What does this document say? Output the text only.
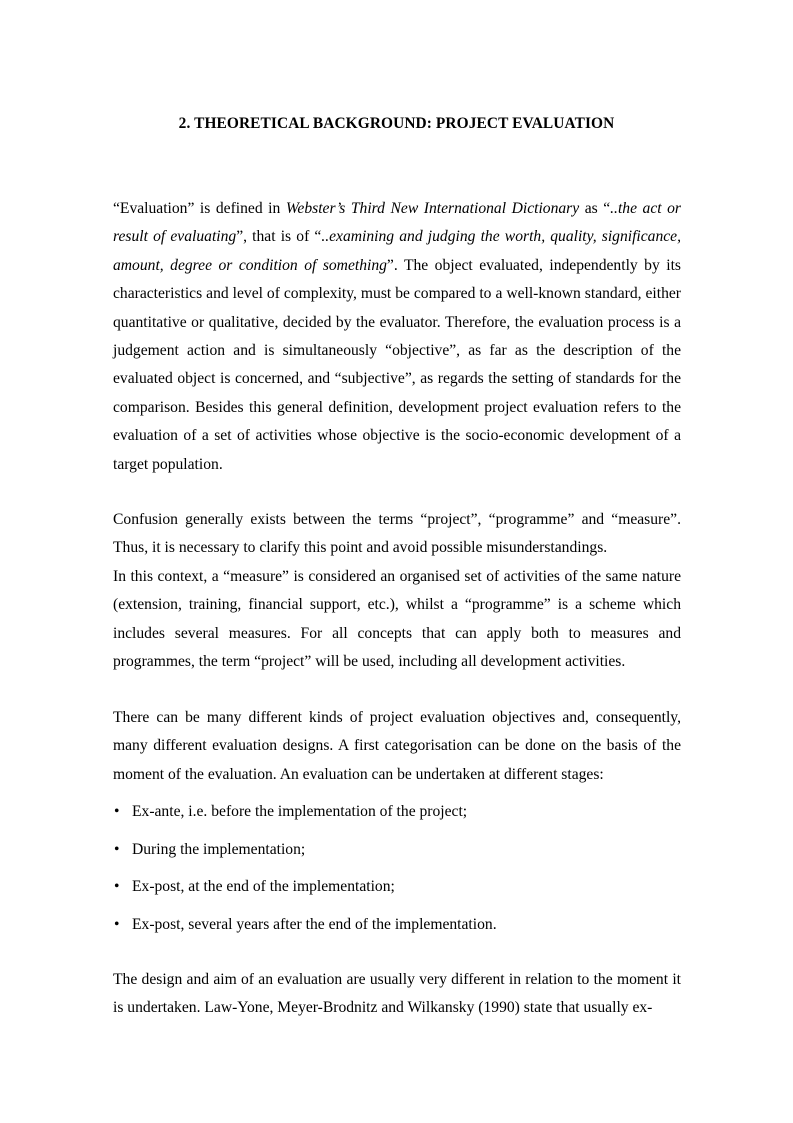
2. THEORETICAL BACKGROUND: PROJECT EVALUATION

“Evaluation” is defined in Webster’s Third New International Dictionary as “..the act or result of evaluating”, that is of “..examining and judging the worth, quality, significance, amount, degree or condition of something”. The object evaluated, independently by its characteristics and level of complexity, must be compared to a well-known standard, either quantitative or qualitative, decided by the evaluator. Therefore, the evaluation process is a judgement action and is simultaneously “objective”, as far as the description of the evaluated object is concerned, and “subjective”, as regards the setting of standards for the comparison. Besides this general definition, development project evaluation refers to the evaluation of a set of activities whose objective is the socio-economic development of a target population.

Confusion generally exists between the terms “project”, “programme” and “measure”. Thus, it is necessary to clarify this point and avoid possible misunderstandings.

In this context, a “measure” is considered an organised set of activities of the same nature (extension, training, financial support, etc.), whilst a “programme” is a scheme which includes several measures. For all concepts that can apply both to measures and programmes, the term “project” will be used, including all development activities.

There can be many different kinds of project evaluation objectives and, consequently, many different evaluation designs. A first categorisation can be done on the basis of the moment of the evaluation. An evaluation can be undertaken at different stages:

• Ex-ante, i.e. before the implementation of the project;
• During the implementation;
• Ex-post, at the end of the implementation;
• Ex-post, several years after the end of the implementation.

The design and aim of an evaluation are usually very different in relation to the moment it is undertaken. Law-Yone, Meyer-Brodnitz and Wilkansky (1990) state that usually ex-
